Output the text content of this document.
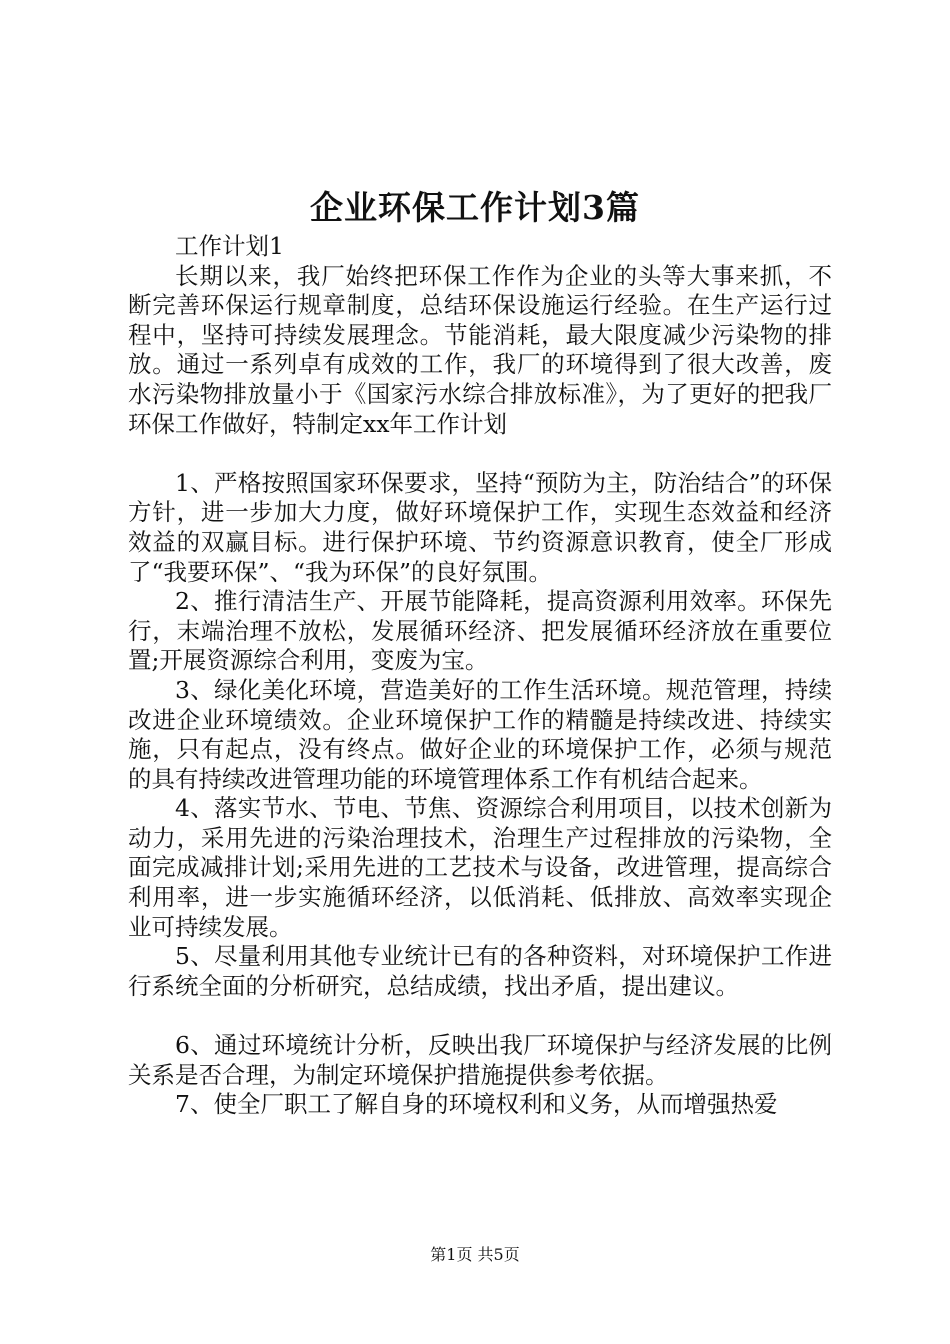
企业环保工作计划3篇

工作计划1

长期以来，我厂始终把环保工作作为企业的头等大事来抓，不断完善环保运行规章制度，总结环保设施运行经验。在生产运行过程中，坚持可持续发展理念。节能消耗，最大限度减少污染物的排放。通过一系列卓有成效的工作，我厂的环境得到了很大改善，废水污染物排放量小于《国家污水综合排放标准》，为了更好的把我厂环保工作做好，特制定xx年工作计划

1、严格按照国家环保要求，坚持“预防为主，防治结合”的环保方针，进一步加大力度，做好环境保护工作，实现生态效益和经济效益的双赢目标。进行保护环境、节约资源意识教育，使全厂形成了“我要环保”、“我为环保”的良好氛围。

2、推行清洁生产、开展节能降耗，提高资源利用效率。环保先行，末端治理不放松，发展循环经济、把发展循环经济放在重要位置;开展资源综合利用，变废为宝。

3、绿化美化环境，营造美好的工作生活环境。规范管理，持续改进企业环境绩效。企业环境保护工作的精髓是持续改进、持续实施，只有起点，没有终点。做好企业的环境保护工作，必须与规范的具有持续改进管理功能的环境管理体系工作有机结合起来。

4、落实节水、节电、节焦、资源综合利用项目，以技术创新为动力，采用先进的污染治理技术，治理生产过程排放的污染物，全面完成减排计划;采用先进的工艺技术与设备，改进管理，提高综合利用率，进一步实施循环经济，以低消耗、低排放、高效率实现企业可持续发展。

5、尽量利用其他专业统计已有的各种资料，对环境保护工作进行系统全面的分析研究，总结成绩，找出矛盾，提出建议。

6、通过环境统计分析，反映出我厂环境保护与经济发展的比例关系是否合理，为制定环境保护措施提供参考依据。

7、使全厂职工了解自身的环境权利和义务，从而增强热爱

第1页 共5页
